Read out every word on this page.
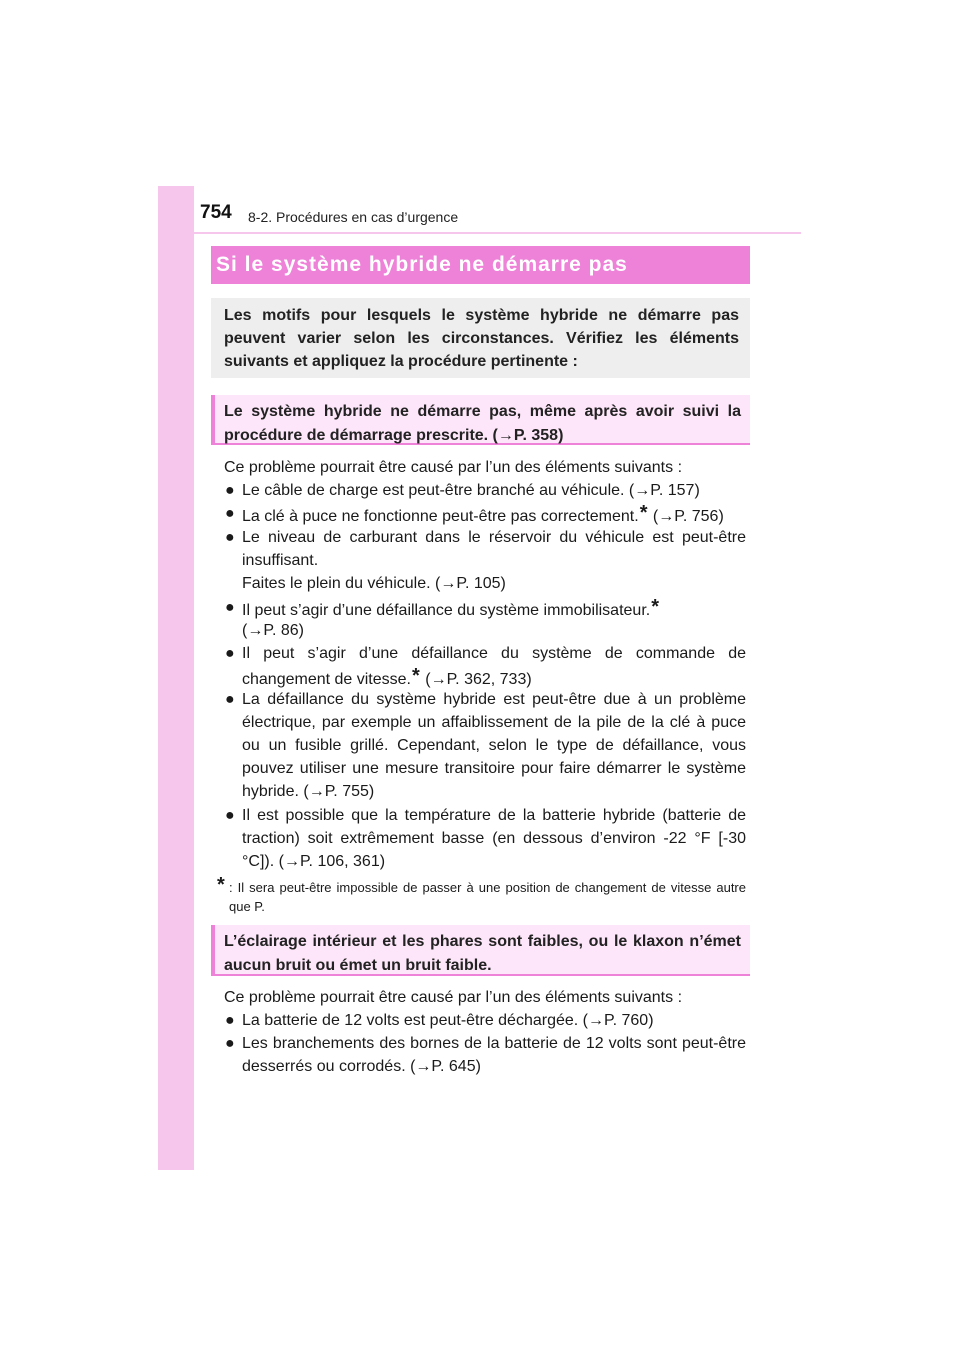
754 8-2. Procédures en cas d’urgence
Si le système hybride ne démarre pas
Les motifs pour lesquels le système hybride ne démarre pas peuvent varier selon les circonstances. Vérifiez les éléments suivants et appliquez la procédure pertinente :
Le système hybride ne démarre pas, même après avoir suivi la procédure de démarrage prescrite. (→P. 358)
Ce problème pourrait être causé par l’un des éléments suivants :
● Le câble de charge est peut-être branché au véhicule. (→P. 157)
● La clé à puce ne fonctionne peut-être pas correctement.* (→P. 756)
● Le niveau de carburant dans le réservoir du véhicule est peut-être insuffisant.
Faites le plein du véhicule. (→P. 105)
● Il peut s’agir d’une défaillance du système immobilisateur.*
(→P. 86)
● Il peut s’agir d’une défaillance du système de commande de changement de vitesse.* (→P. 362, 733)
● La défaillance du système hybride est peut-être due à un problème électrique, par exemple un affaiblissement de la pile de la clé à puce ou un fusible grillé. Cependant, selon le type de défaillance, vous pouvez utiliser une mesure transitoire pour faire démarrer le système hybride. (→P. 755)
● Il est possible que la température de la batterie hybride (batterie de traction) soit extrêmement basse (en dessous d’environ -22 °F [-30 °C]). (→P. 106, 361)
* : Il sera peut-être impossible de passer à une position de changement de vitesse autre que P.
L’éclairage intérieur et les phares sont faibles, ou le klaxon n’émet aucun bruit ou émet un bruit faible.
Ce problème pourrait être causé par l’un des éléments suivants :
● La batterie de 12 volts est peut-être déchargée. (→P. 760)
● Les branchements des bornes de la batterie de 12 volts sont peut-être desserrés ou corrodés. (→P. 645)
